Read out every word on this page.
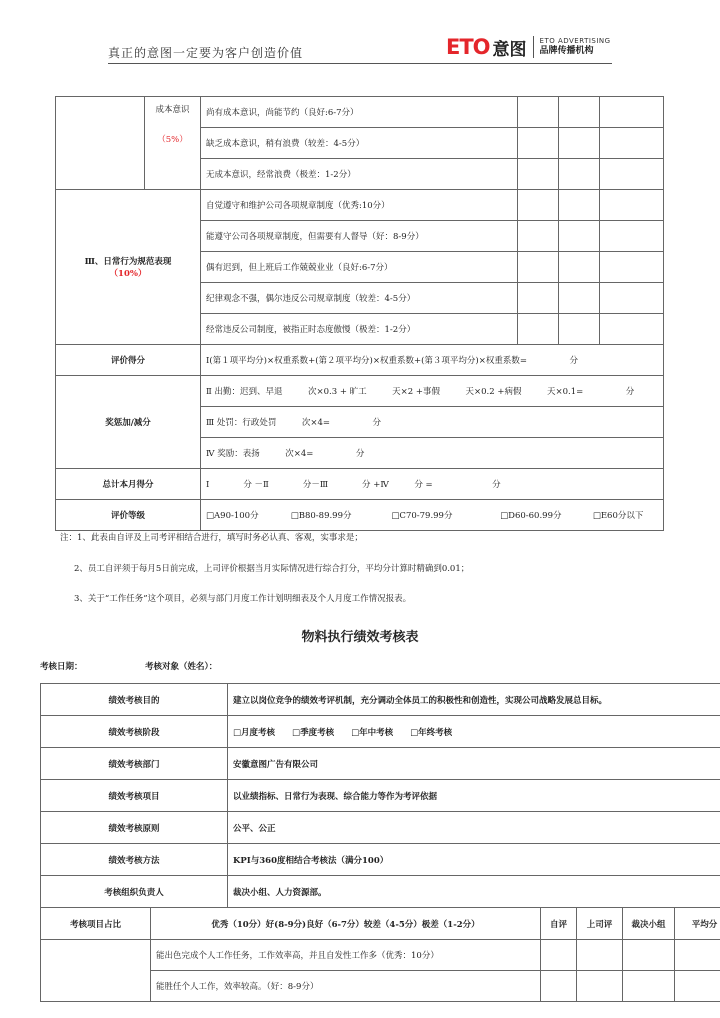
真正的意图一定要为客户创造价值	ETO 意图 ETO ADVERTISING
品牌传播机构

	成本意识
（5%）	尚有成本意识，尚能节约（良好:6-7分）			
		缺乏成本意识，稍有浪费（较差：4-5分）			
		无成本意识，经常浪费（极差：1-2分）			

Ⅲ、日常行为规范表现
（10%）		自觉遵守和维护公司各项规章制度（优秀:10分）			
		能遵守公司各项规章制度，但需要有人督导（好：8-9分）			
		偶有迟到，但上班后工作兢兢业业（良好:6-7分）			
		纪律观念不强，偶尔违反公司规章制度（较差：4-5分）			
		经常违反公司制度，被指正时态度傲慢（极差：1-2分）			
评价得分		Ⅰ(第１项平均分)×权重系数+(第２项平均分)×权重系数+(第３项平均分)×权重系数=　　　　　分			
奖惩加/减分		Ⅱ 出勤：迟到、早退　　　次×0.3 + 旷工　　　天×2 +事假　　　天×0.2 +病假　　　天×0.1=　　　　　分			
		Ⅲ 处罚：行政处罚　　　次×4=　　　　　分			
		Ⅳ 奖励：表扬　　　次×4=　　　　　分			
总计本月得分		Ⅰ　　　　分 －Ⅱ　　　　分－Ⅲ　　　　分 +Ⅳ　　　分 =　　　　　　　分			
评价等级		□A90-100分 □B80-89.99分 □C70-79.99分 □D60-60.99分 □E60分以下			
注：1、此表由自评及上司考评相结合进行，填写时务必认真、客观，实事求是；
2、员工自评须于每月5日前完成，上司评价根据当月实际情况进行综合打分，平均分计算时精确到0.01；
3、关于“工作任务”这个项目，必须与部门月度工作计划明细表及个人月度工作情况报表。
物料执行绩效考核表
考核日期：	考核对象（姓名）：
绩效考核目的		建立以岗位竞争的绩效考评机制，充分调动全体员工的积极性和创造性，实现公司战略发展总目标。				
绩效考核阶段		□月度考核　　□季度考核　　□年中考核　　□年终考核				
绩效考核部门		安徽意图广告有限公司				
绩效考核项目		以业绩指标、日常行为表现、综合能力等作为考评依据				
绩效考核原则		公平、公正				
绩效考核方法		KPI与360度相结合考核法（满分100）				
考核组织负责人		裁决小组、人力资源部。				
考核项目占比	优秀（10分）好(8-9分)良好（6-7分）较差（4-5分）极差（1-2分）		自评	上司评	裁决小组	平均分
	能出色完成个人工作任务，工作效率高，并且自发性工作多（优秀：10分）					
	能胜任个人工作，效率较高。（好：8-9分）					
